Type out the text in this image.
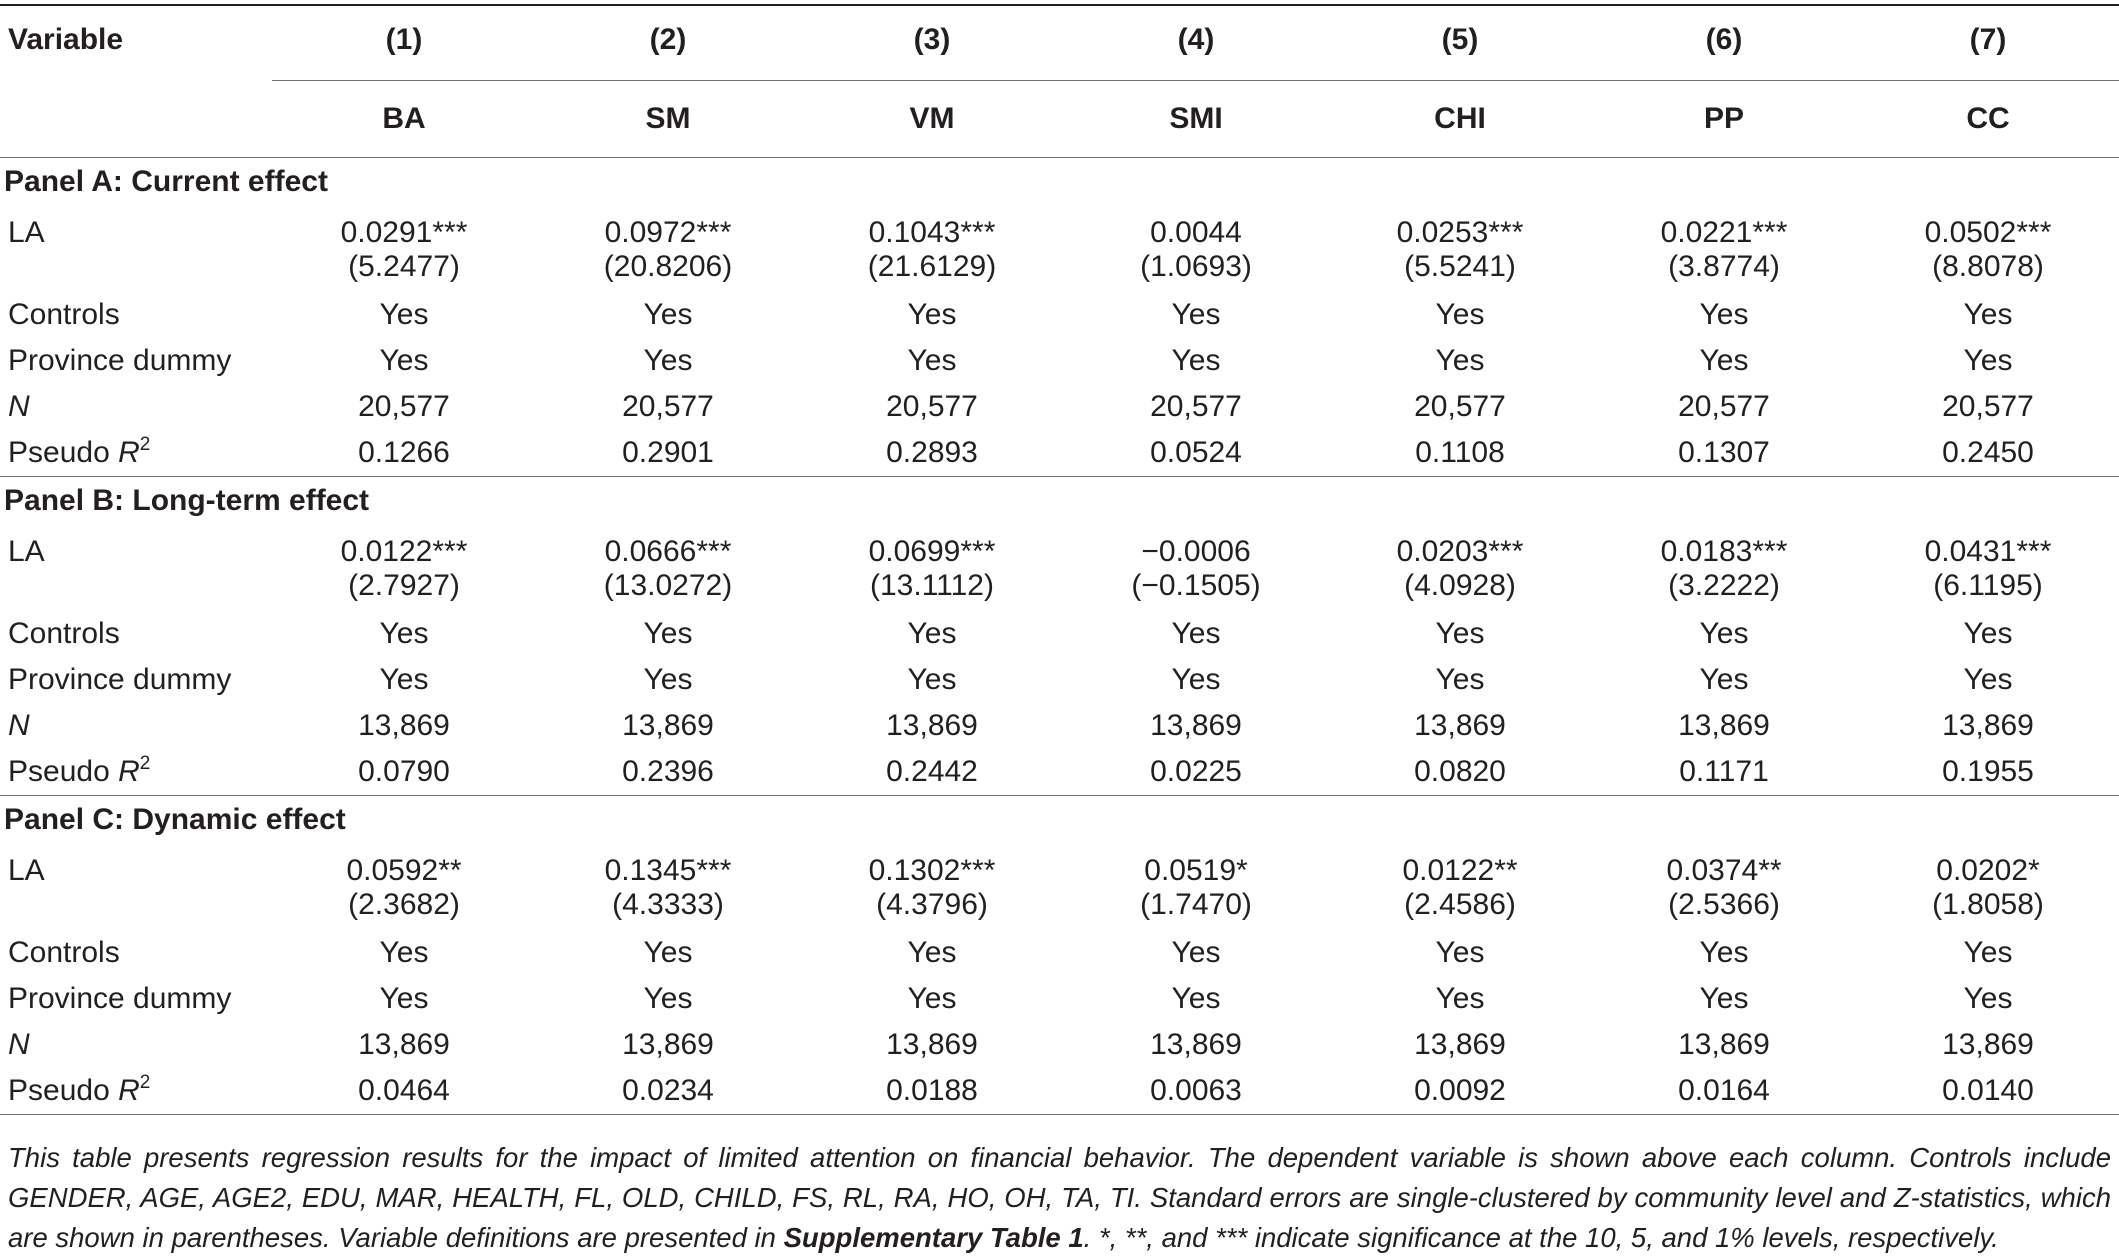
Variable	(1)	(2)	(3)	(4)	(5)	(6)	(7)
	BA	SM	VM	SMI	CHI	PP	CC
Panel A: Current effect							
LA	0.0291***	0.0972***	0.1043***	0.0044	0.0253***	0.0221***	0.0502***
	(5.2477)	(20.8206)	(21.6129)	(1.0693)	(5.5241)	(3.8774)	(8.8078)
Controls	Yes	Yes	Yes	Yes	Yes	Yes	Yes
Province dummy	Yes	Yes	Yes	Yes	Yes	Yes	Yes
N	20,577	20,577	20,577	20,577	20,577	20,577	20,577
Pseudo $R^2$	0.1266	0.2901	0.2893	0.0524	0.1108	0.1307	0.2450
Panel B: Long-term effect							
LA	0.0122***	0.0666***	0.0699***	−0.0006	0.0203***	0.0183***	0.0431***
	(2.7927)	(13.0272)	(13.1112)	(−0.1505)	(4.0928)	(3.2222)	(6.1195)
Controls	Yes	Yes	Yes	Yes	Yes	Yes	Yes
Province dummy	Yes	Yes	Yes	Yes	Yes	Yes	Yes
N	13,869	13,869	13,869	13,869	13,869	13,869	13,869
Pseudo $R^2$	0.0790	0.2396	0.2442	0.0225	0.0820	0.1171	0.1955
Panel C: Dynamic effect							
LA	0.0592**	0.1345***	0.1302***	0.0519*	0.0122**	0.0374**	0.0202*
	(2.3682)	(4.3333)	(4.3796)	(1.7470)	(2.4586)	(2.5366)	(1.8058)
Controls	Yes	Yes	Yes	Yes	Yes	Yes	Yes
Province dummy	Yes	Yes	Yes	Yes	Yes	Yes	Yes
N	13,869	13,869	13,869	13,869	13,869	13,869	13,869
Pseudo $R^2$	0.0464	0.0234	0.0188	0.0063	0.0092	0.0164	0.0140

This table presents regression results for the impact of limited attention on financial behavior. The dependent variable is shown above each column. Controls include GENDER, AGE, AGE2, EDU, MAR, HEALTH, FL, OLD, CHILD, FS, RL, RA, HO, OH, TA, TI. Standard errors are single-clustered by community level and Z-statistics, which are shown in parentheses. Variable definitions are presented in Supplementary Table 1. *, **, and *** indicate significance at the 10, 5, and 1% levels, respectively.
